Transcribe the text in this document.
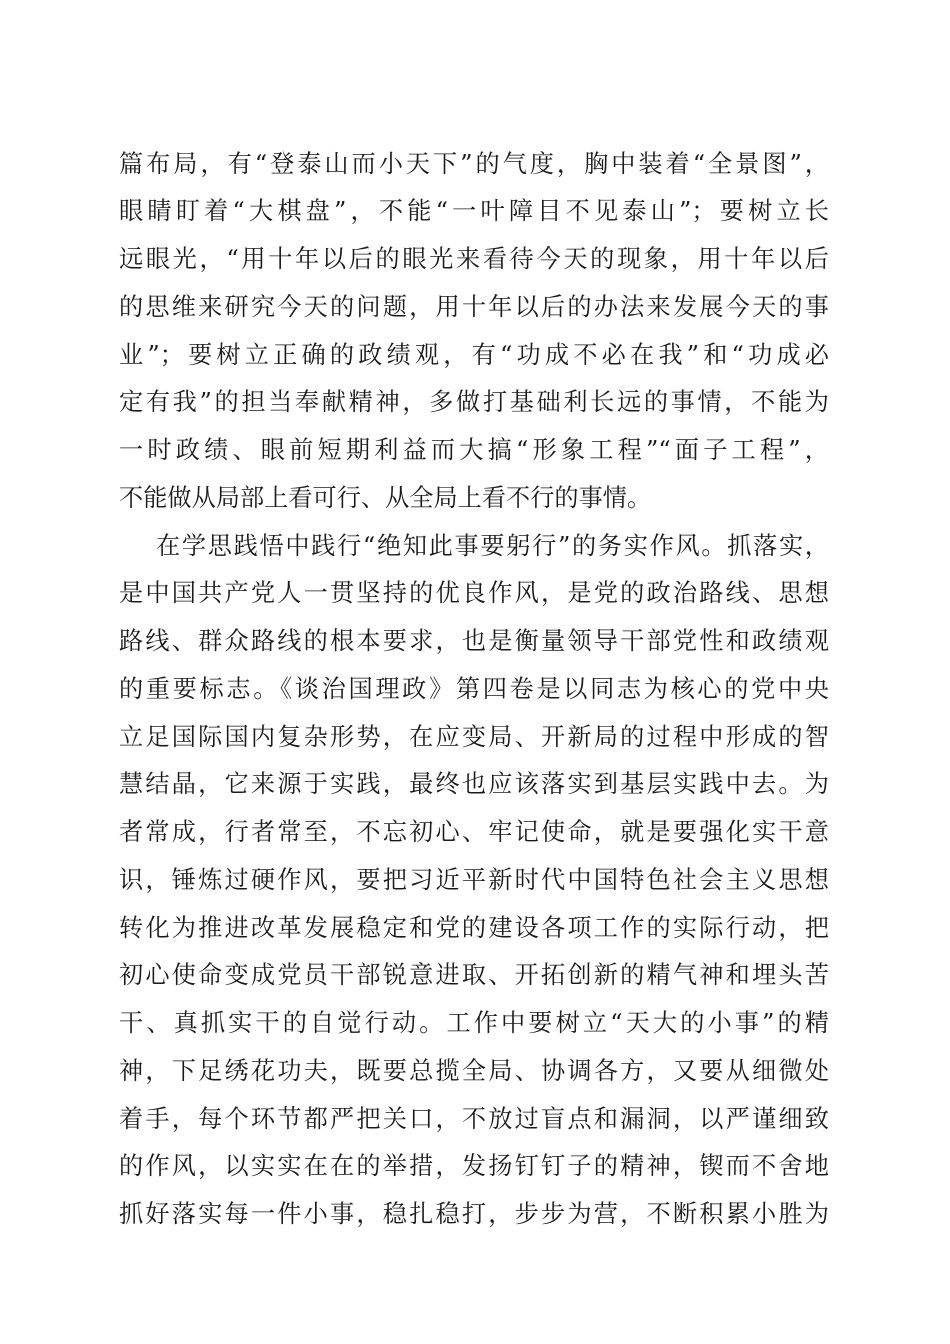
篇布局，有“登泰山而小天下”的气度，胸中装着“全景图”，
眼睛盯着“大棋盘”，不能“一叶障目不见泰山”；要树立长
远眼光，“用十年以后的眼光来看待今天的现象，用十年以后
的思维来研究今天的问题，用十年以后的办法来发展今天的事
业”；要树立正确的政绩观，有“功成不必在我”和“功成必
定有我”的担当奉献精神，多做打基础利长远的事情，不能为
一时政绩、眼前短期利益而大搞“形象工程”“面子工程”，
不能做从局部上看可行、从全局上看不行的事情。
在学思践悟中践行“绝知此事要躬行”的务实作风。抓落实，
是中国共产党人一贯坚持的优良作风，是党的政治路线、思想
路线、群众路线的根本要求，也是衡量领导干部党性和政绩观
的重要标志。《谈治国理政》第四卷是以同志为核心的党中央
立足国际国内复杂形势，在应变局、开新局的过程中形成的智
慧结晶，它来源于实践，最终也应该落实到基层实践中去。为
者常成，行者常至，不忘初心、牢记使命，就是要强化实干意
识，锤炼过硬作风，要把习近平新时代中国特色社会主义思想
转化为推进改革发展稳定和党的建设各项工作的实际行动，把
初心使命变成党员干部锐意进取、开拓创新的精气神和埋头苦
干、真抓实干的自觉行动。工作中要树立“天大的小事”的精
神，下足绣花功夫，既要总揽全局、协调各方，又要从细微处
着手，每个环节都严把关口，不放过盲点和漏洞，以严谨细致
的作风，以实实在在的举措，发扬钉钉子的精神，锲而不舍地
抓好落实每一件小事，稳扎稳打，步步为营，不断积累小胜为
